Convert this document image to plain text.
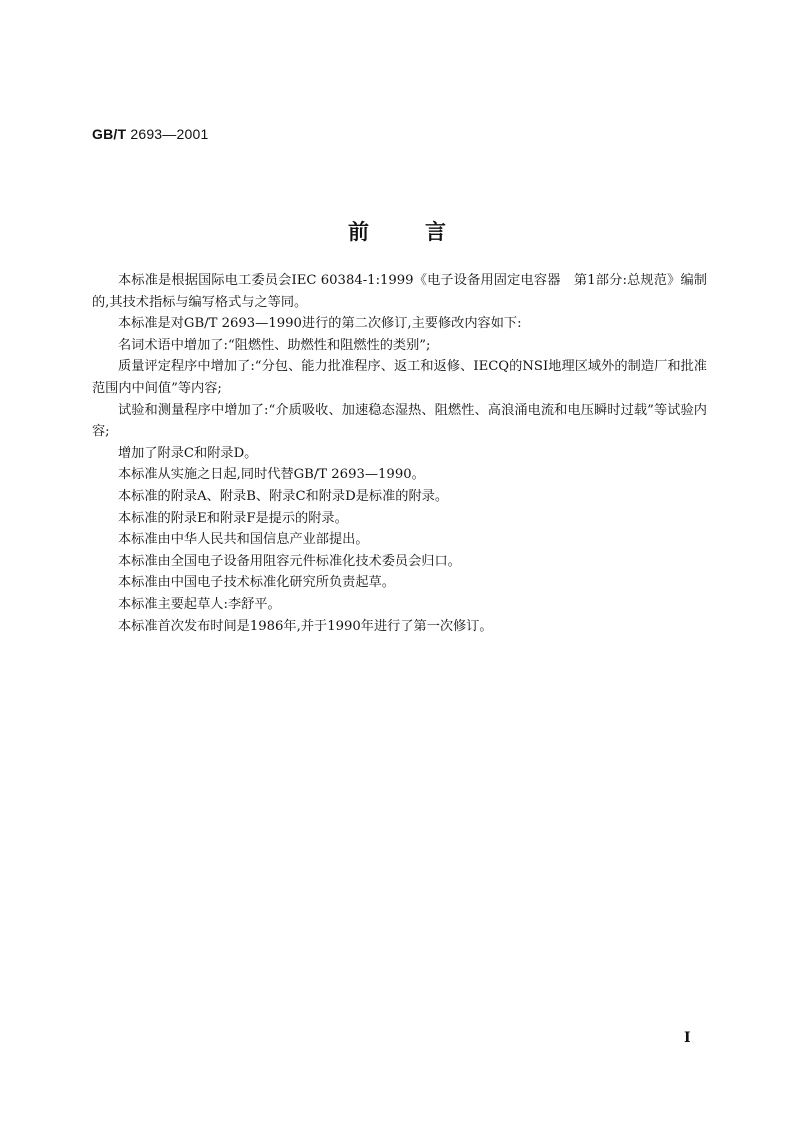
GB/T 2693—2001
前言

本标准是根据国际电工委员会IEC 60384-1:1999《电子设备用固定电容器　第1部分:总规范》编制的,其技术指标与编写格式与之等同。

本标准是对GB/T 2693—1990进行的第二次修订,主要修改内容如下:

名词术语中增加了:“阻燃性、助燃性和阻燃性的类别”;

质量评定程序中增加了:“分包、能力批准程序、返工和返修、IECQ的NSI地理区域外的制造厂和批准范围内中间值”等内容;

试验和测量程序中增加了:“介质吸收、加速稳态湿热、阻燃性、高浪涌电流和电压瞬时过载”等试验内容;

增加了附录C和附录D。

本标准从实施之日起,同时代替GB/T 2693—1990。

本标准的附录A、附录B、附录C和附录D是标准的附录。

本标准的附录E和附录F是提示的附录。

本标准由中华人民共和国信息产业部提出。

本标准由全国电子设备用阻容元件标准化技术委员会归口。

本标准由中国电子技术标准化研究所负责起草。

本标准主要起草人:李舒平。

本标准首次发布时间是1986年,并于1990年进行了第一次修订。

I
